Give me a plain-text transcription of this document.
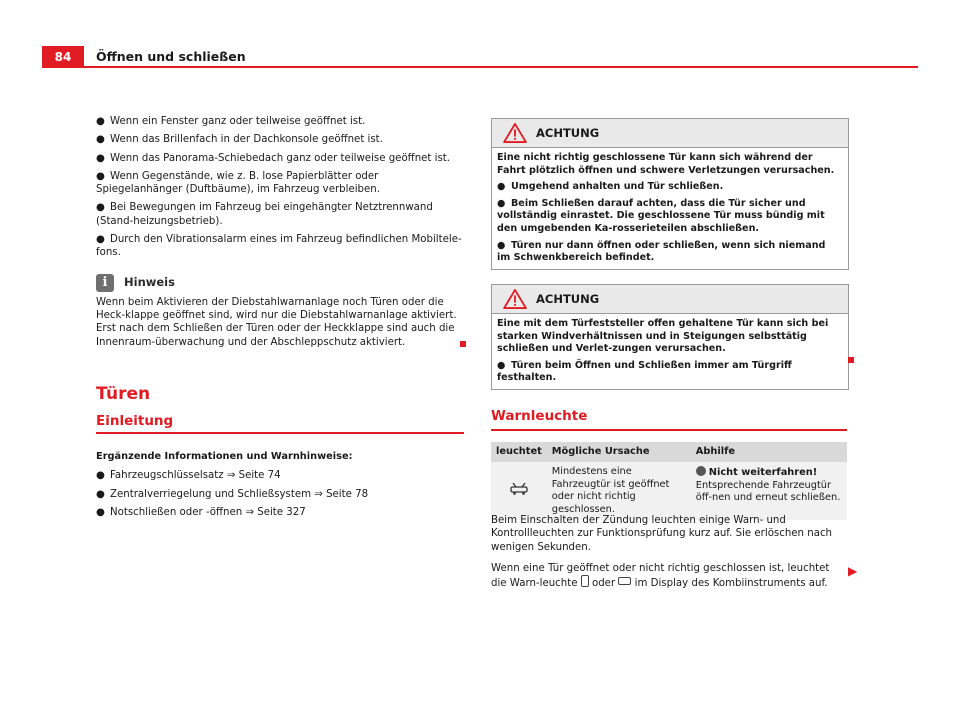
84	Öffnen und schließen

● Wenn ein Fenster ganz oder teilweise geöffnet ist.

● Wenn das Brillenfach in der Dachkonsole geöffnet ist.

● Wenn das Panorama-Schiebedach ganz oder teilweise geöffnet ist.

● Wenn Gegenstände, wie z. B. lose Papierblätter oder Spiegelanhänger (Duftbäume), im Fahrzeug verbleiben.

● Bei Bewegungen im Fahrzeug bei eingehängter Netztrennwand (Stand-heizungsbetrieb).

● Durch den Vibrationsalarm eines im Fahrzeug befindlichen Mobiltele-fons.

i	Hinweis

Wenn beim Aktivieren der Diebstahlwarnanlage noch Türen oder die Heck-klappe geöffnet sind, wird nur die Diebstahlwarnanlage aktiviert. Erst nach dem Schließen der Türen oder der Heckklappe sind auch die Innenraum-überwachung und der Abschleppschutz aktiviert.

Türen
Einleitung

Ergänzende Informationen und Warnhinweise:

● Fahrzeugschlüsselsatz ⇒ Seite 74

● Zentralverriegelung und Schließsystem ⇒ Seite 78

● Notschließen oder -öffnen ⇒ Seite 327

ACHTUNG

Eine nicht richtig geschlossene Tür kann sich während der Fahrt plötzlich öffnen und schwere Verletzungen verursachen.

● Umgehend anhalten und Tür schließen.

● Beim Schließen darauf achten, dass die Tür sicher und vollständig einrastet. Die geschlossene Tür muss bündig mit den umgebenden Ka-rosserieteilen abschließen.

● Türen nur dann öffnen oder schließen, wenn sich niemand im Schwenkbereich befindet.

ACHTUNG

Eine mit dem Türfeststeller offen gehaltene Tür kann sich bei starken Windverhältnissen und in Steigungen selbsttätig schließen und Verlet-zungen verursachen.

● Türen beim Öffnen und Schließen immer am Türgriff festhalten.

Warnleuchte
leuchtet	Mögliche Ursache	Abhilfe
	Mindestens eine Fahrzeugtür ist geöffnet oder nicht richtig geschlossen.	Nicht weiterfahren!
Entsprechende Fahrzeugtür öff-nen und erneut schließen.

Beim Einschalten der Zündung leuchten einige Warn- und Kontrollleuchten zur Funktionsprüfung kurz auf. Sie erlöschen nach wenigen Sekunden.

Wenn eine Tür geöffnet oder nicht richtig geschlossen ist, leuchtet die Warn-leuchte oder im Display des Kombiinstruments auf.

▶
